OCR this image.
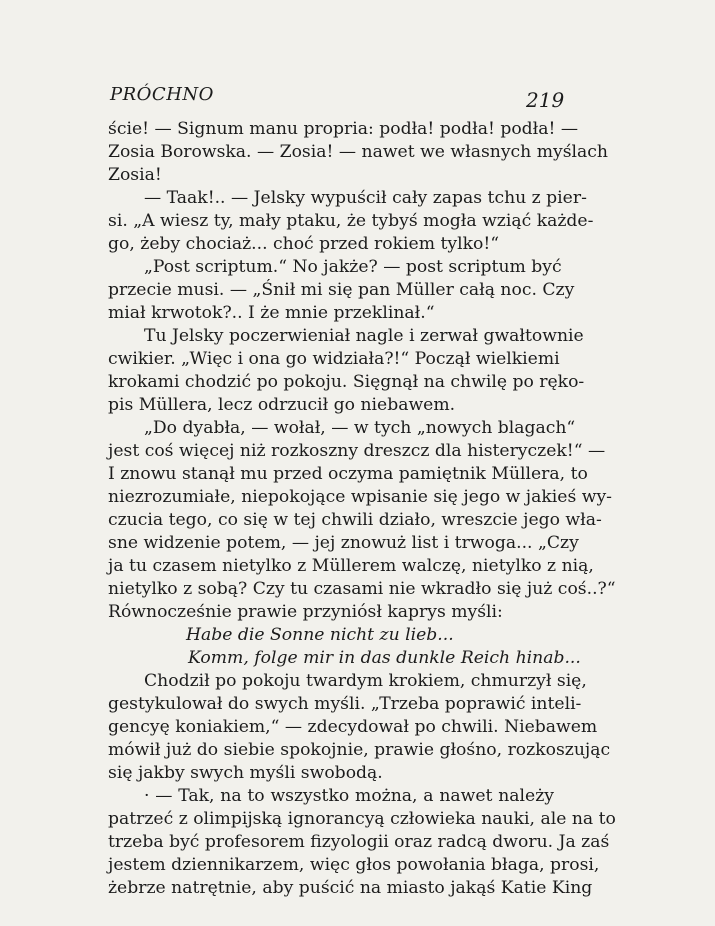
PRÓCHNO	219
ście! — Signum manu propria: podła! podła! podła! —
Zosia Borowska. — Zosia! — nawet we własnych myślach
Zosia!
— Taak!.. — Jelsky wypuścił cały zapas tchu z pier-
si. „A wiesz ty, mały ptaku, że tybyś mogła wziąć każde-
go, żeby chociaż... choć przed rokiem tylko!“
„Post scriptum.“ No jakże? — post scriptum być
przecie musi. — „Śnił mi się pan Müller całą noc. Czy
miał krwotok?.. I że mnie przeklinał.“
Tu Jelsky poczerwieniał nagle i zerwał gwałtownie
cwikier. „Więc i ona go widziała?!“ Począł wielkiemi
krokami chodzić po pokoju. Sięgnął na chwilę po ręko-
pis Müllera, lecz odrzucił go niebawem.
„Do dyabła, — wołał, — w tych „nowych blagach“
jest coś więcej niż rozkoszny dreszcz dla histeryczek!“ —
I znowu stanął mu przed oczyma pamiętnik Müllera, to
niezrozumiałe, niepokojące wpisanie się jego w jakieś wy-
czucia tego, co się w tej chwili działo, wreszcie jego wła-
sne widzenie potem, — jej znowuż list i trwoga... „Czy
ja tu czasem nietylko z Müllerem walczę, nietylko z nią,
nietylko z sobą? Czy tu czasami nie wkradło się już coś..?“
Równocześnie prawie przyniósł kaprys myśli:
Habe die Sonne nicht zu lieb...
Komm, folge mir in das dunkle Reich hinab...
Chodził po pokoju twardym krokiem, chmurzył się,
gestykulował do swych myśli. „Trzeba poprawić inteli-
gencyę koniakiem,“ — zdecydował po chwili. Niebawem
mówił już do siebie spokojnie, prawie głośno, rozkoszując
się jakby swych myśli swobodą.
· — Tak, na to wszystko można, a nawet należy
patrzeć z olimpijską ignorancyą człowieka nauki, ale na to
trzeba być profesorem fizyologii oraz radcą dworu. Ja zaś
jestem dziennikarzem, więc głos powołania błaga, prosi,
żebrze natrętnie, aby puścić na miasto jakąś Katie King
